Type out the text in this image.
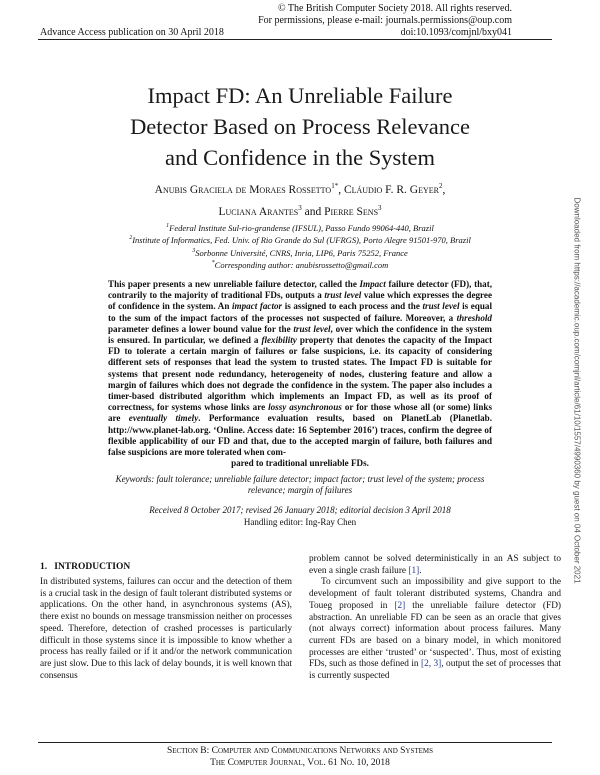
© The British Computer Society 2018. All rights reserved.
For permissions, please e-mail: journals.permissions@oup.com
Advance Access publication on 30 April 2018	doi:10.1093/comjnl/bxy041
Impact FD: An Unreliable Failure
Detector Based on Process Relevance
and Confidence in the System
Anubis Graciela de Moraes Rossetto$^{1*}$, Cláudio F. R. Geyer$^2$,
Luciana Arantes$^3$ and Pierre Sens$^3$
$^1$Federal Institute Sul-rio-grandense (IFSUL), Passo Fundo 99064-440, Brazil
$^2$Institute of Informatics, Fed. Univ. of Rio Grande do Sul (UFRGS), Porto Alegre 91501-970, Brazil
$^3$Sorbonne Université, CNRS, Inria, LIP6, Paris 75252, France
*Corresponding author: anubisrossetto@gmail.com
This paper presents a new unreliable failure detector, called the Impact failure detector (FD), that, contrarily to the majority of traditional FDs, outputs a trust level value which expresses the degree of confidence in the system. An impact factor is assigned to each process and the trust level is equal to the sum of the impact factors of the processes not suspected of failure. Moreover, a threshold parameter defines a lower bound value for the trust level, over which the confidence in the system is ensured. In particular, we defined a flexibility property that denotes the capacity of the Impact FD to tolerate a certain margin of failures or false suspicions, i.e. its capacity of considering different sets of responses that lead the system to trusted states. The Impact FD is suitable for systems that present node redundancy, heterogeneity of nodes, clustering feature and allow a margin of failures which does not degrade the confidence in the system. The paper also includes a timer-based distributed algorithm which implements an Impact FD, as well as its proof of correctness, for systems whose links are lossy asynchronous or for those whose all (or some) links are eventually timely. Performance evaluation results, based on PlanetLab (Planetlab. http://www.planet-lab.org. ‘Online. Access date: 16 September 2016’) traces, confirm the degree of flexible applicability of our FD and that, due to the accepted margin of failure, both failures and false suspicions are more tolerated when com-
pared to traditional unreliable FDs.
Keywords: fault tolerance; unreliable failure detector; impact factor; trust level of the system; process relevance; margin of failures
Received 8 October 2017; revised 26 January 2018; editorial decision 3 April 2018
Handling editor: Ing-Ray Chen
1. INTRODUCTION
In distributed systems, failures can occur and the detection of them is a crucial task in the design of fault tolerant distributed systems or applications. On the other hand, in asynchronous systems (AS), there exist no bounds on message transmission neither on processes speed. Therefore, detection of crashed processes is particularly difficult in those systems since it is impossible to know whether a process has really failed or if it and/or the network communication are just slow. Due to this lack of delay bounds, it is well known that consensus
problem cannot be solved deterministically in an AS subject to even a single crash failure [1].
To circumvent such an impossibility and give support to the development of fault tolerant distributed systems, Chandra and Toueg proposed in [2] the unreliable failure detector (FD) abstraction. An unreliable FD can be seen as an oracle that gives (not always correct) information about process failures. Many current FDs are based on a binary model, in which monitored processes are either ‘trusted’ or ‘suspected’. Thus, most of existing FDs, such as those defined in [2, 3], output the set of processes that is currently suspected
Downloaded from https://academic.oup.com/comjnl/article/61/10/1557/4990360 by guest on 04 October 2021
Section B: Computer and Communications Networks and Systems
The Computer Journal, Vol. 61 No. 10, 2018
